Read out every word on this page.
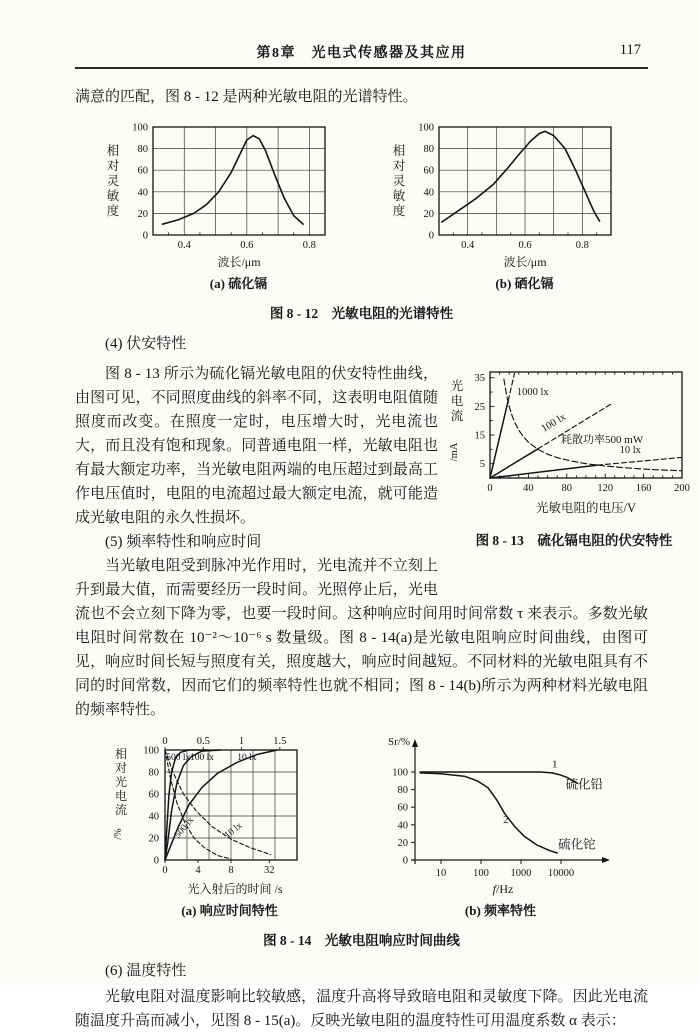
第8章　光电式传感器及其应用	117

满意的匹配，图 8 - 12 是两种光敏电阻的光谱特性。

0
20
40
60
80
100
0.4	0.6	0.8
相
对
灵
敏
度
波长/μm
(a) 硫化镉
0
20
40
60
80
100
0.4	0.6	0.8
相
对
灵
敏
度
波长/μm
(b) 硒化镉
图 8 - 12　光敏电阻的光谱特性

(4) 伏安特性

0	40	80 120 160 200
5
15
25
35
1000 lx
100 lx
10 lx
耗散功率500 mW
光
电
流
/mA
光敏电阻的电压/V
图 8 - 13　硫化镉电阻的伏安特性

图 8 - 13 所示为硫化镉光敏电阻的伏安特性曲线，由图可见，不同照度曲线的斜率不同，这表明电阻值随照度而改变。在照度一定时，电压增大时，光电流也大，而且没有饱和现象。同普通电阻一样，光敏电阻也有最大额定功率，当光敏电阻两端的电压超过到最高工作电压值时，电阻的电流超过最大额定电流，就可能造成光敏电阻的永久性损坏。

(5) 频率特性和响应时间

当光敏电阻受到脉冲光作用时，光电流并不立刻上升到最大值，而需要经历一段时间。光照停止后，光电流也不会立刻下降为零，也要一段时间。这种响应时间用时间常数 τ 来表示。多数光敏电阻时间常数在 10⁻²～10⁻⁶ s 数量级。图 8 - 14(a)是光敏电阻响应时间曲线，由图可见，响应时间长短与照度有关，照度越大，响应时间越短。不同材料的光敏电阻具有不同的时间常数，因而它们的频率特性也就不相同；图 8 - 14(b)所示为两种材料光敏电阻的频率特性。

0	0.5	1	1.5
0	4	8	32
20
40
60
80
100
0
500 lx 100 lx 10 lx
500 lx	10 lx
相
对
光
电
流
/%
光入射后的时间 /s
(a) 响应时间特性
0
20
40
60
80
100
10	100 1000 10000
Sr/%
f/Hz
1
硫化铅
2
硫化铊
(b) 频率特性
图 8 - 14　光敏电阻响应时间曲线

(6) 温度特性

光敏电阻对温度影响比较敏感，温度升高将导致暗电阻和灵敏度下降。因此光电流随温度升高而减小，见图 8 - 15(a)。反映光敏电阻的温度特性可用温度系数 α 表示：
